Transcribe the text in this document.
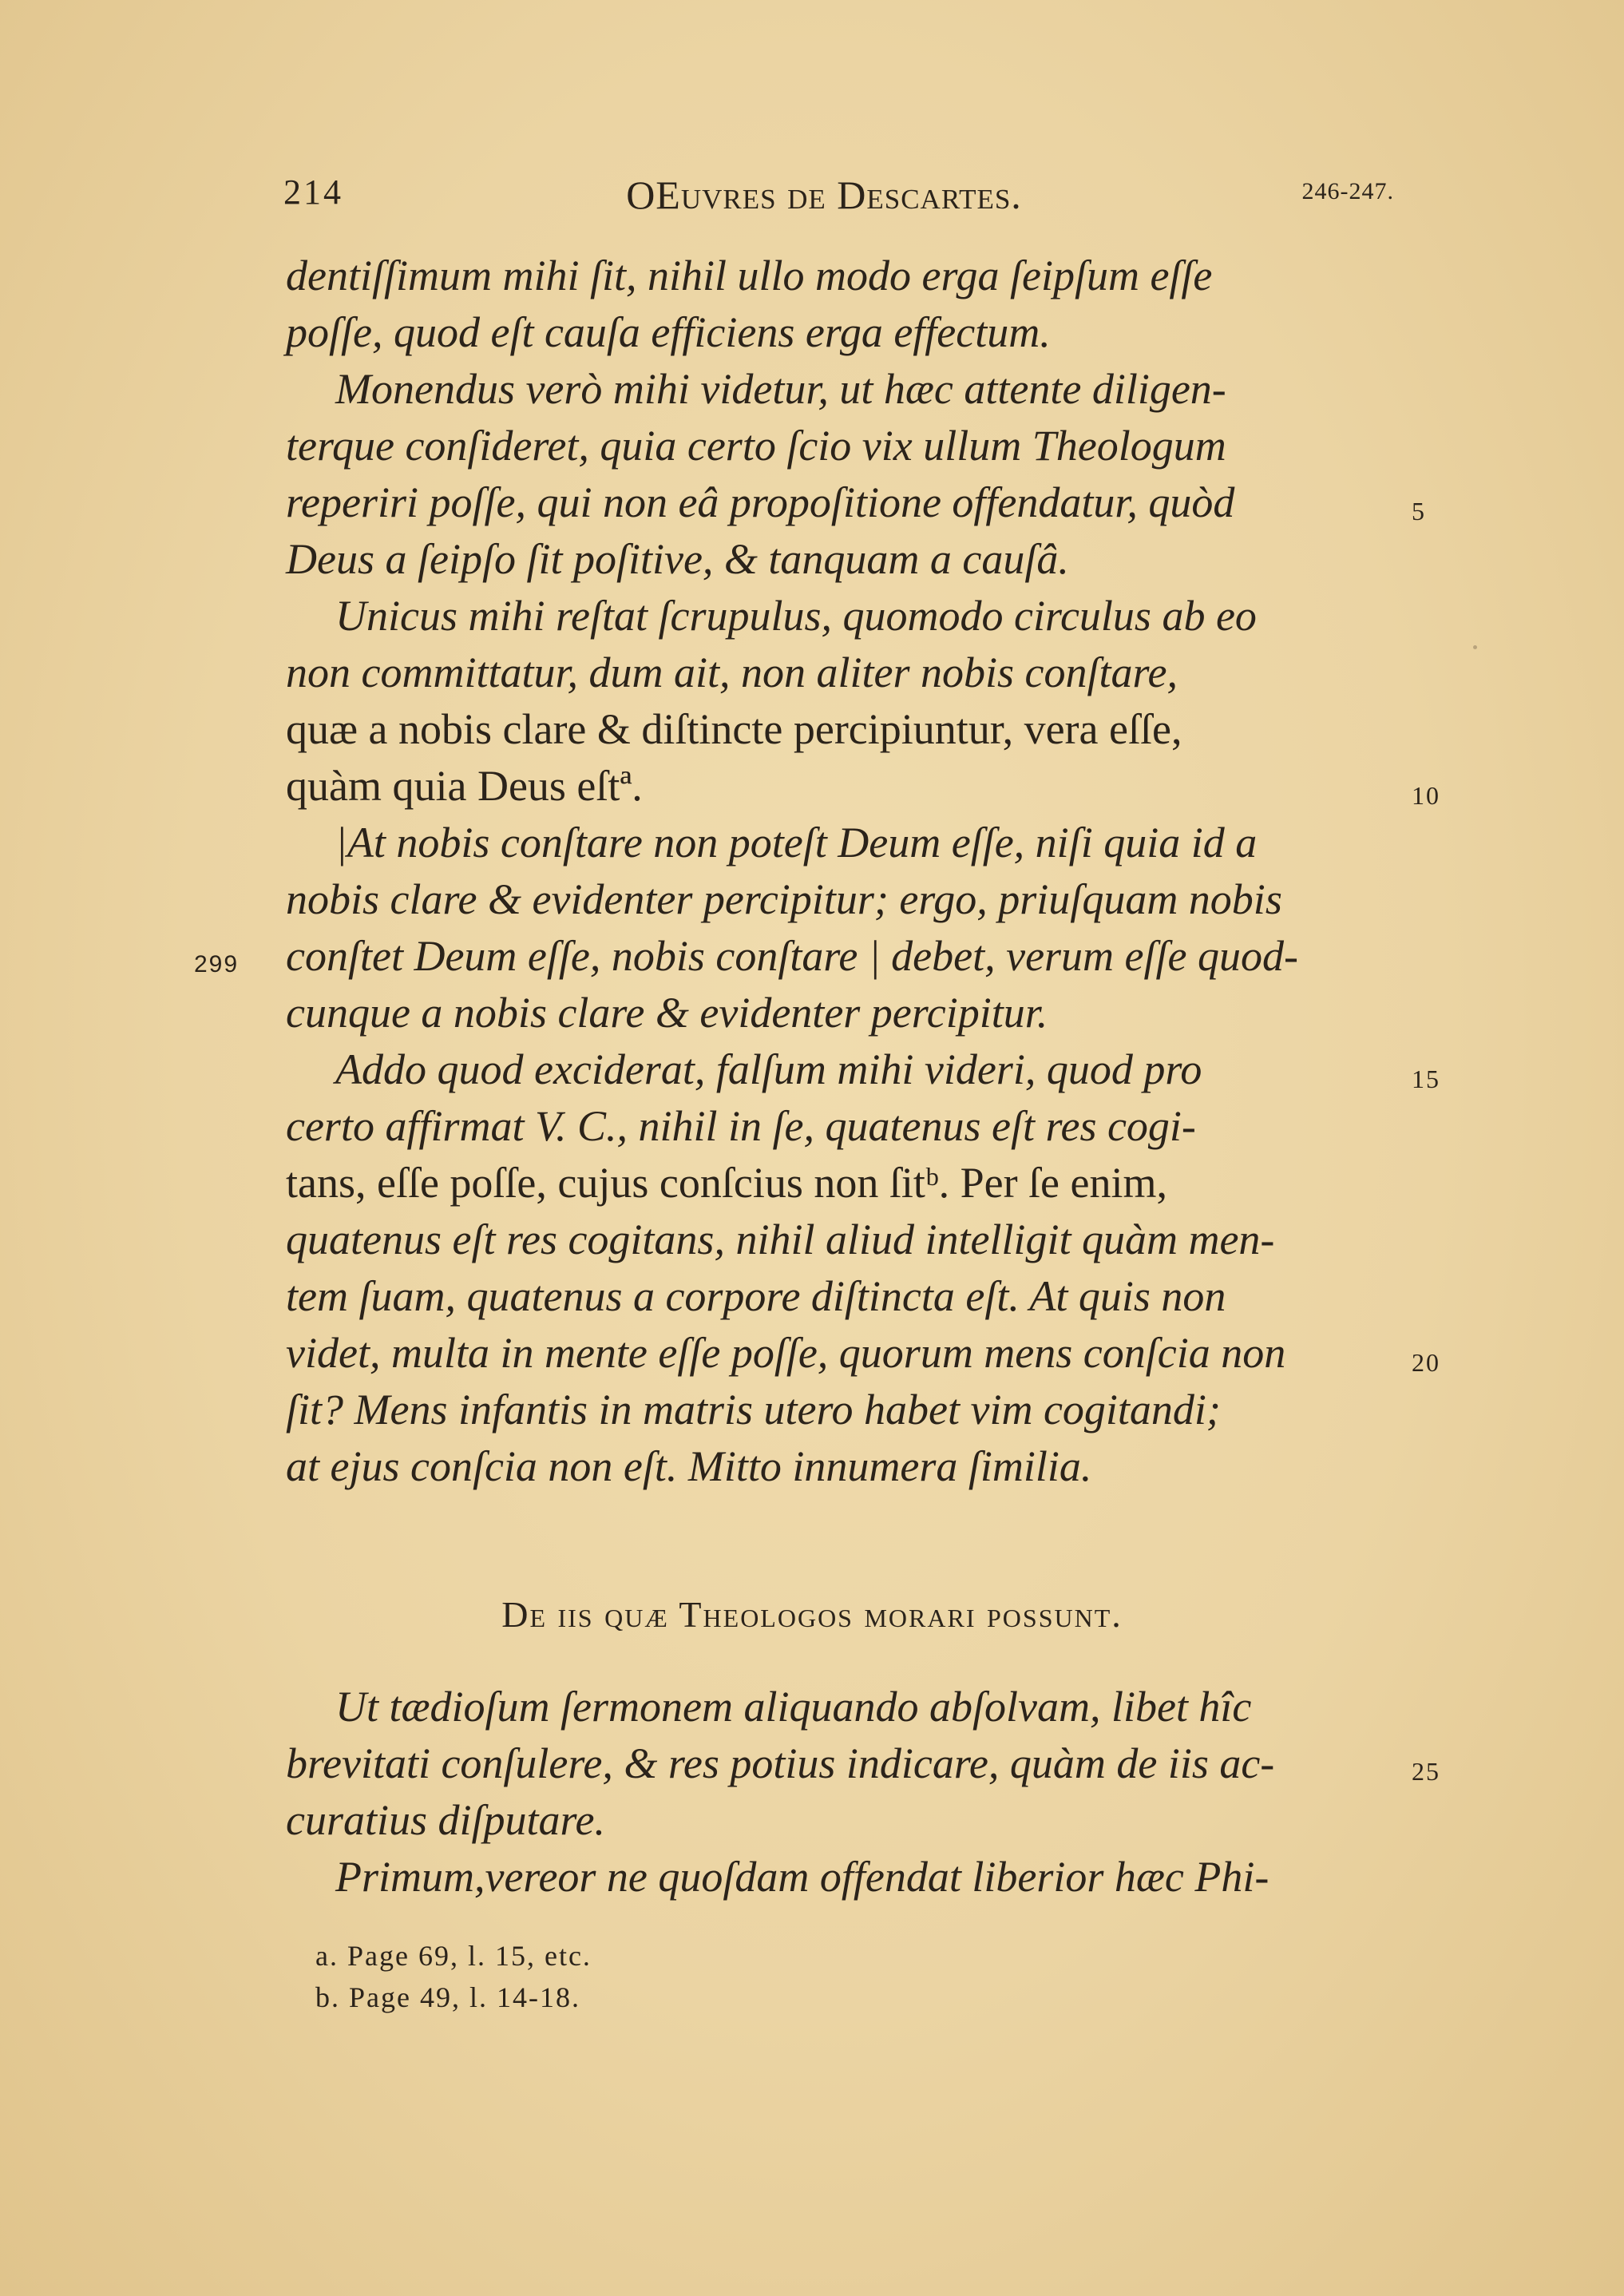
214	OEuvres de Descartes.	246-247.
dentiſſimum mihi ſit, nihil ullo modo erga ſeipſum eſſe
poſſe, quod eſt cauſa efficiens erga effectum.
Monendus verò mihi videtur, ut hæc attente diligen-
terque conſideret, quia certo ſcio vix ullum Theologum
reperiri poſſe, qui non eâ propoſitione offendatur, quòd
Deus a ſeipſo ſit poſitive, & tanquam a cauſâ.
Unicus mihi reſtat ſcrupulus, quomodo circulus ab eo
non committatur, dum ait, non aliter nobis conſtare,
quæ a nobis clare & diſtincte percipiuntur, vera eſſe,
quàm quia Deus eſtª.
|At nobis conſtare non poteſt Deum eſſe, niſi quia id a
nobis clare & evidenter percipitur; ergo, priuſquam nobis
conſtet Deum eſſe, nobis conſtare | debet, verum eſſe quod-
cunque a nobis clare & evidenter percipitur.
Addo quod exciderat, falſum mihi videri, quod pro
certo affirmat V. C., nihil in ſe, quatenus eſt res cogi-
tans, eſſe poſſe, cujus conſcius non ſitᵇ. Per ſe enim,
quatenus eſt res cogitans, nihil aliud intelligit quàm men-
tem ſuam, quatenus a corpore diſtincta eſt. At quis non
videt, multa in mente eſſe poſſe, quorum mens conſcia non
ſit? Mens infantis in matris utero habet vim cogitandi;
at ejus conſcia non eſt. Mitto innumera ſimilia.
De iis quæ Theologos morari possunt.
Ut tædioſum ſermonem aliquando abſolvam, libet hîc
brevitati conſulere, & res potius indicare, quàm de iis ac-
curatius diſputare.
Primum,vereor ne quoſdam offendat liberior hæc Phi-
5
10
15
20
25
299
a. Page 69, l. 15, etc.
b. Page 49, l. 14-18.
